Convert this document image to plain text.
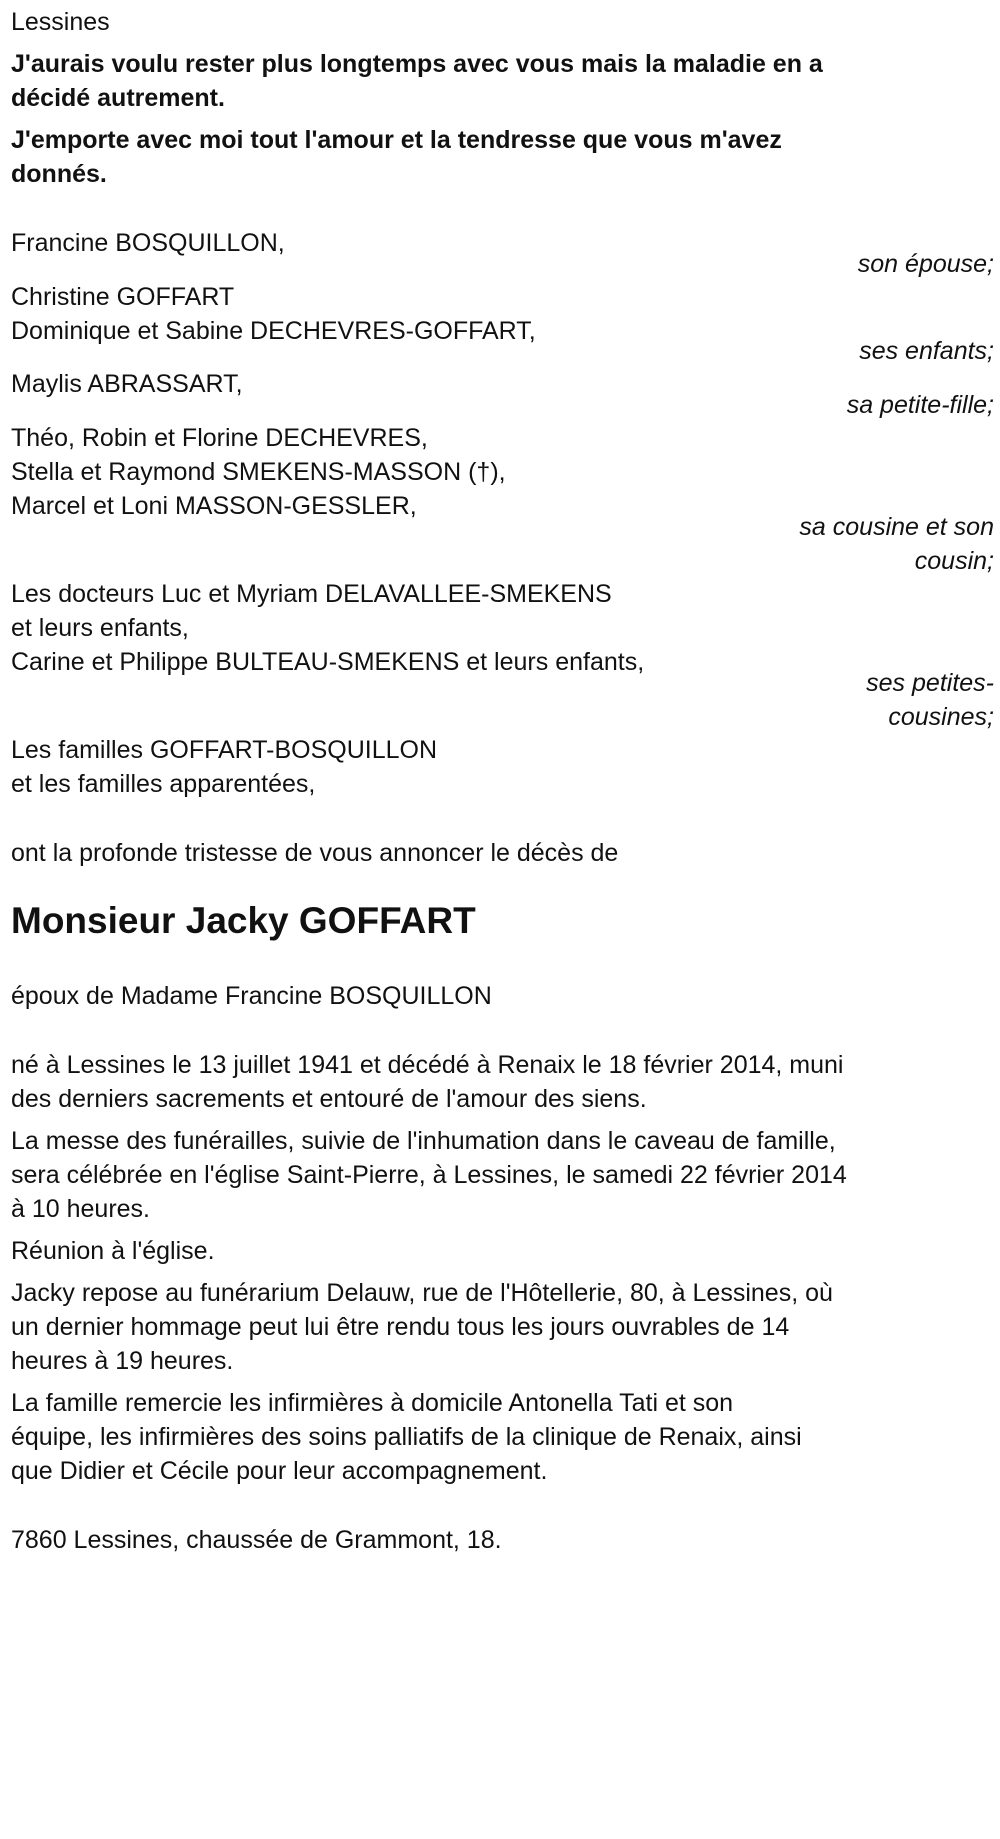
Lessines
J'aurais voulu rester plus longtemps avec vous mais la maladie en a
décidé autrement.
J'emporte avec moi tout l'amour et la tendresse que vous m'avez
donnés.
Francine BOSQUILLON,
son épouse;
Christine GOFFART
Dominique et Sabine DECHEVRES-GOFFART,
ses enfants;
Maylis ABRASSART,
sa petite-fille;
Théo, Robin et Florine DECHEVRES,
Stella et Raymond SMEKENS-MASSON (†),
Marcel et Loni MASSON-GESSLER,
sa cousine et son
cousin;
Les docteurs Luc et Myriam DELAVALLEE-SMEKENS
et leurs enfants,
Carine et Philippe BULTEAU-SMEKENS et leurs enfants,
ses petites-
cousines;
Les familles GOFFART-BOSQUILLON
et les familles apparentées,
ont la profonde tristesse de vous annoncer le décès de
Monsieur Jacky GOFFART
époux de Madame Francine BOSQUILLON
né à Lessines le 13 juillet 1941 et décédé à Renaix le 18 février 2014, muni
des derniers sacrements et entouré de l'amour des siens.
La messe des funérailles, suivie de l'inhumation dans le caveau de famille,
sera célébrée en l'église Saint-Pierre, à Lessines, le samedi 22 février 2014
à 10 heures.
Réunion à l'église.
Jacky repose au funérarium Delauw, rue de l'Hôtellerie, 80, à Lessines, où
un dernier hommage peut lui être rendu tous les jours ouvrables de 14
heures à 19 heures.
La famille remercie les infirmières à domicile Antonella Tati et son
équipe, les infirmières des soins palliatifs de la clinique de Renaix, ainsi
que Didier et Cécile pour leur accompagnement.
7860 Lessines, chaussée de Grammont, 18.
